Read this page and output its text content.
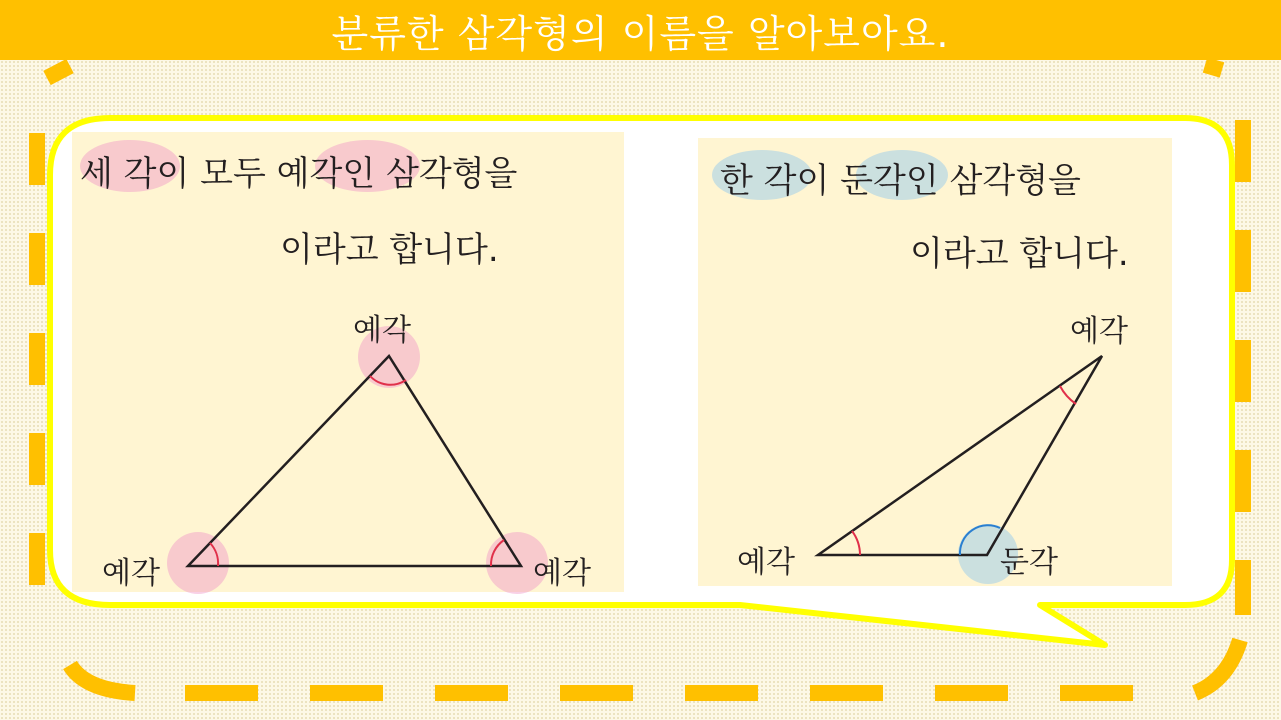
분류한 삼각형의 이름을 알아보아요.
세 각이 모두 예각인 삼각형을
이라고 합니다.
한 각이 둔각인 삼각형을
이라고 합니다.
예각
예각	예각
예각
예각	둔각
